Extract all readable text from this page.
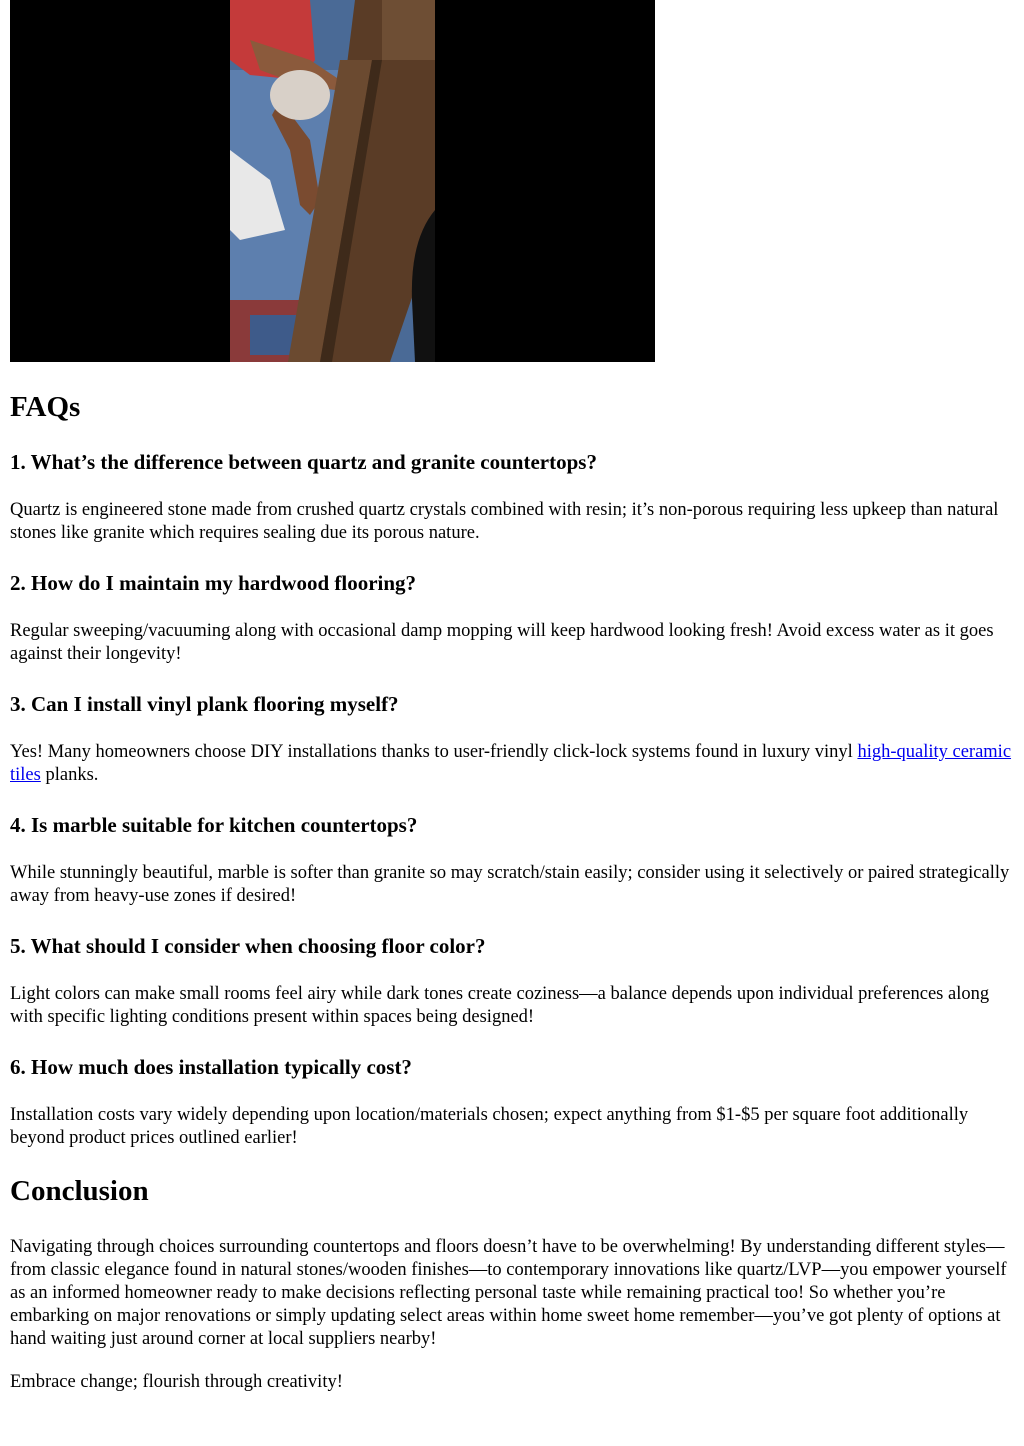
FAQs
1. What’s the difference between quartz and granite countertops?

Quartz is engineered stone made from crushed quartz crystals combined with resin; it’s non-porous requiring less upkeep than natural stones like granite which requires sealing due its porous nature.

2. How do I maintain my hardwood flooring?

Regular sweeping/vacuuming along with occasional damp mopping will keep hardwood looking fresh! Avoid excess water as it goes against their longevity!

3. Can I install vinyl plank flooring myself?

Yes! Many homeowners choose DIY installations thanks to user-friendly click-lock systems found in luxury vinyl high-quality ceramic tiles planks.

4. Is marble suitable for kitchen countertops?

While stunningly beautiful, marble is softer than granite so may scratch/stain easily; consider using it selectively or paired strategically away from heavy-use zones if desired!

5. What should I consider when choosing floor color?

Light colors can make small rooms feel airy while dark tones create coziness—a balance depends upon individual preferences along with specific lighting conditions present within spaces being designed!

6. How much does installation typically cost?

Installation costs vary widely depending upon location/materials chosen; expect anything from $1-$5 per square foot additionally beyond product prices outlined earlier!

Conclusion

Navigating through choices surrounding countertops and floors doesn’t have to be overwhelming! By understanding different styles—from classic elegance found in natural stones/wooden finishes—to contemporary innovations like quartz/LVP—you empower yourself as an informed homeowner ready to make decisions reflecting personal taste while remaining practical too! So whether you’re embarking on major renovations or simply updating select areas within home sweet home remember—you’ve got plenty of options at hand waiting just around corner at local suppliers nearby!

Embrace change; flourish through creativity!
